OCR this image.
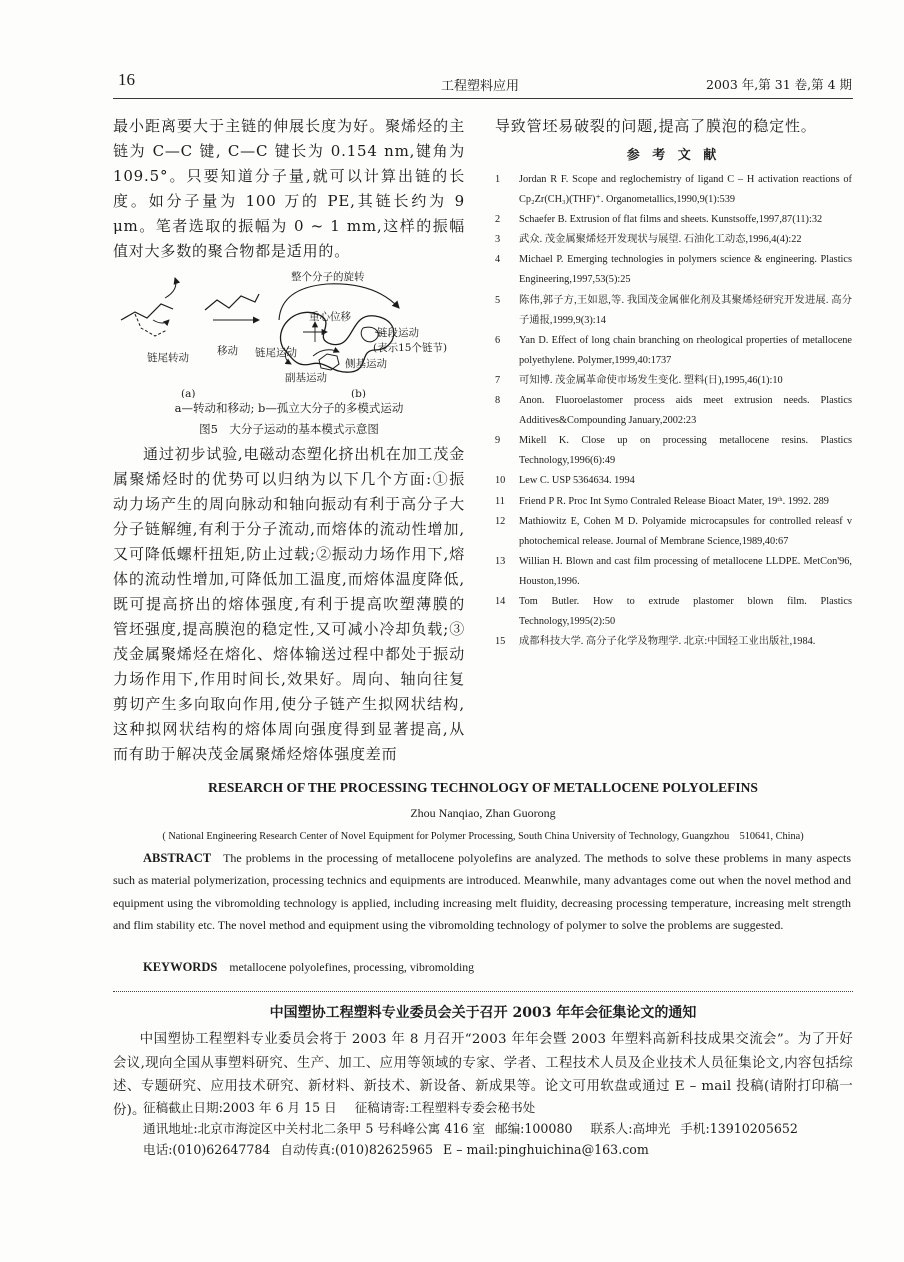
16	工程塑料应用	2003 年,第 31 卷,第 4 期

最小距离要大于主链的伸展长度为好。聚烯烃的主链为 C—C 键, C—C 键长为 0.154 nm,键角为 109.5°。只要知道分子量,就可以计算出链的长度。如分子量为 100 万的 PE,其链长约为 9 μm。笔者选取的振幅为 0 ~ 1 mm,这样的振幅值对大多数的聚合物都是适用的。

整个分子的旋转
重心位移
链段运动
(表示15个链节)
链尾转动
移动 链尾运动
侧基运动
副基运动
(a)	(b)

a—转动和移动; b—孤立大分子的多模式运动

图5　大分子运动的基本模式示意图

通过初步试验,电磁动态塑化挤出机在加工茂金属聚烯烃时的优势可以归纳为以下几个方面:①振动力场产生的周向脉动和轴向振动有利于高分子大分子链解缠,有利于分子流动,而熔体的流动性增加,又可降低螺杆扭矩,防止过载;②振动力场作用下,熔体的流动性增加,可降低加工温度,而熔体温度降低,既可提高挤出的熔体强度,有利于提高吹塑薄膜的管坯强度,提高膜泡的稳定性,又可减小冷却负载;③茂金属聚烯烃在熔化、熔体输送过程中都处于振动力场作用下,作用时间长,效果好。周向、轴向往复剪切产生多向取向作用,使分子链产生拟网状结构,这种拟网状结构的熔体周向强度得到显著提高,从而有助于解决茂金属聚烯烃熔体强度差而

导致管坯易破裂的问题,提高了膜泡的稳定性。

参 考 文 献
1	Jordan R F. Scope and reglochemistry of ligand C – H activation reactions of Cp₂Zr(CH₃)(THF)⁺. Organometallics,1990,9(1):539
2	Schaefer B. Extrusion of flat films and sheets. Kunstsoffe,1997,87(11):32
3	武众. 茂金属聚烯烃开发现状与展望. 石油化工动态,1996,4(4):22
4	Michael P. Emerging technologies in polymers science & engineering. Plastics Engineering,1997,53(5):25
5	陈伟,郭子方,王如恩,等. 我国茂金属催化剂及其聚烯烃研究开发进展. 高分子通报,1999,9(3):14
6	Yan D. Effect of long chain branching on rheological properties of metallocene polyethylene. Polymer,1999,40:1737
7	可知博. 茂金属革命使市场发生变化. 塑料(日),1995,46(1):10
8	Anon. Fluoroelastomer process aids meet extrusion needs. Plastics Additives&Compounding January,2002:23
9	Mikell K. Close up on processing metallocene resins. Plastics Technology,1996(6):49
10	Lew C. USP 5364634. 1994
11	Friend P R. Proc Int Symo Contraled Release Bioact Mater, 19ᵗʰ. 1992. 289
12	Mathiowitz E, Cohen M D. Polyamide microcapsules for controlled releasf v photochemical release. Journal of Membrane Science,1989,40:67
13	Willian H. Blown and cast film processing of metallocene LLDPE. MetCon'96, Houston,1996.
14	Tom Butler. How to extrude plastomer blown film. Plastics Technology,1995(2):50
15	成都科技大学. 高分子化学及物理学. 北京:中国轻工业出版社,1984.
RESEARCH OF THE PROCESSING TECHNOLOGY OF METALLOCENE POLYOLEFINS
Zhou Nanqiao, Zhan Guorong
( National Engineering Research Center of Novel Equipment for Polymer Processing, South China University of Technology, Guangzhou　510641, China)
ABSTRACT The problems in the processing of metallocene polyolefins are analyzed. The methods to solve these problems in many aspects such as material polymerization, processing technics and equipments are introduced. Meanwhile, many advantages come out when the novel method and equipment using the vibromolding technology is applied, including increasing melt fluidity, decreasing processing temperature, increasing melt strength and flim stability etc. The novel method and equipment using the vibromolding technology of polymer to solve the problems are suggested.
KEYWORDS metallocene polyolefines, processing, vibromolding
中国塑协工程塑料专业委员会关于召开 2003 年年会征集论文的通知
中国塑协工程塑料专业委员会将于 2003 年 8 月召开“2003 年年会暨 2003 年塑料高新科技成果交流会”。为了开好会议,现向全国从事塑料研究、生产、加工、应用等领域的专家、学者、工程技术人员及企业技术人员征集论文,内容包括综述、专题研究、应用技术研究、新材料、新技术、新设备、新成果等。论文可用软盘或通过 E – mail 投稿(请附打印稿一份)。
征稿截止日期:2003 年 6 月 15 日 征稿请寄:工程塑料专委会秘书处
通讯地址:北京市海淀区中关村北二条甲 5 号科峰公寓 416 室 邮编:100080 联系人:高坤光 手机:13910205652
电话:(010)62647784 自动传真:(010)82625965 E – mail:pinghuichina@163.com
